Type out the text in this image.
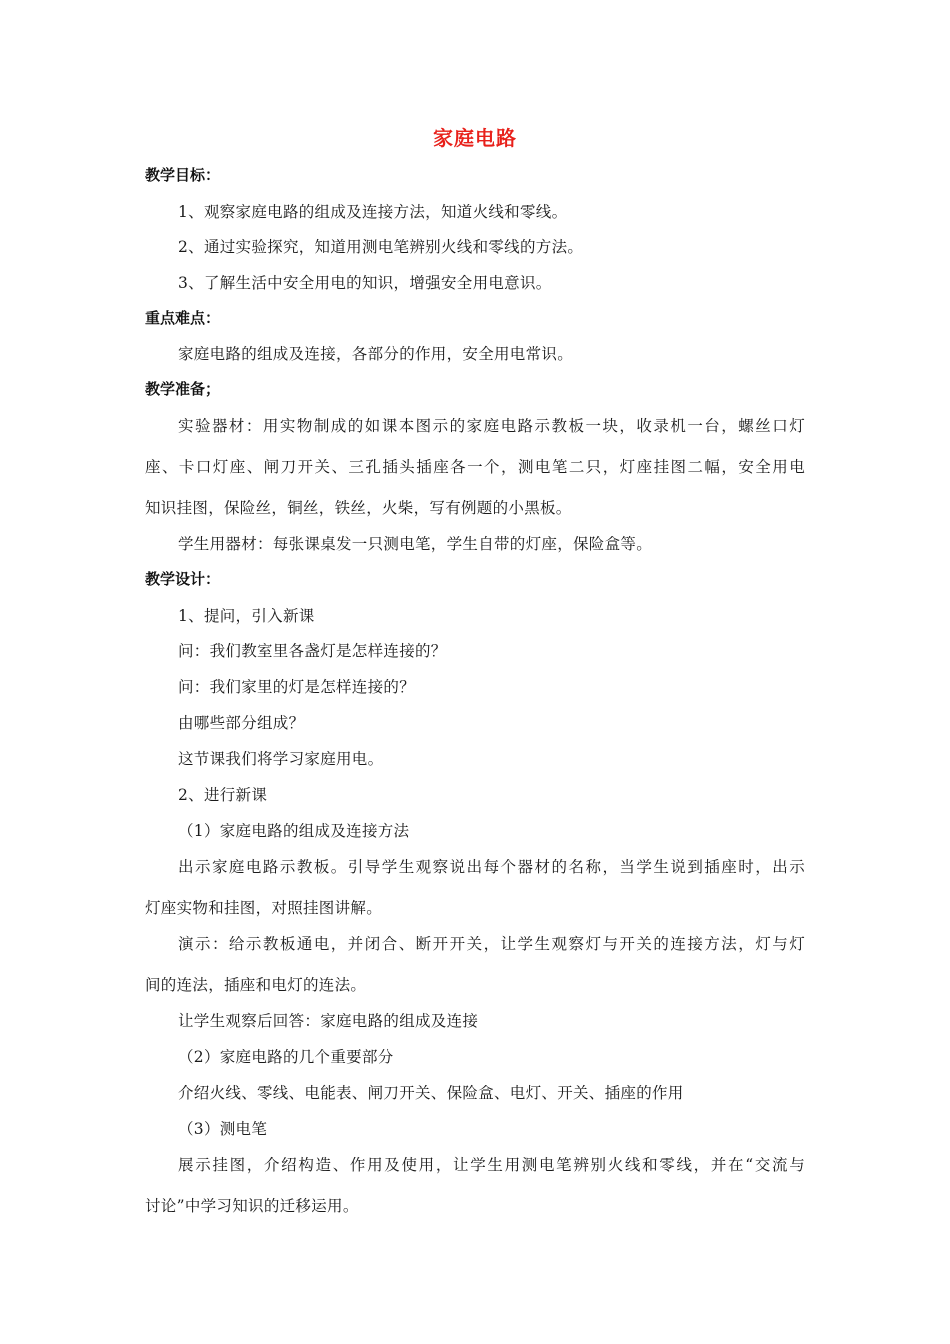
家庭电路
教学目标：
1、观察家庭电路的组成及连接方法，知道火线和零线。
2、通过实验探究，知道用测电笔辨别火线和零线的方法。
3、了解生活中安全用电的知识，增强安全用电意识。
重点难点：
家庭电路的组成及连接，各部分的作用，安全用电常识。
教学准备；
实验器材：用实物制成的如课本图示的家庭电路示教板一块，收录机一台，螺丝口灯
座、卡口灯座、闸刀开关、三孔插头插座各一个，测电笔二只，灯座挂图二幅，安全用电
知识挂图，保险丝，铜丝，铁丝，火柴，写有例题的小黑板。
学生用器材：每张课桌发一只测电笔，学生自带的灯座，保险盒等。
教学设计：
1、提问，引入新课
问：我们教室里各盏灯是怎样连接的？
问：我们家里的灯是怎样连接的？
由哪些部分组成？
这节课我们将学习家庭用电。
2、进行新课
（1）家庭电路的组成及连接方法
出示家庭电路示教板。引导学生观察说出每个器材的名称，当学生说到插座时，出示
灯座实物和挂图，对照挂图讲解。
演示：给示教板通电，并闭合、断开开关，让学生观察灯与开关的连接方法，灯与灯
间的连法，插座和电灯的连法。
让学生观察后回答：家庭电路的组成及连接
（2）家庭电路的几个重要部分
介绍火线、零线、电能表、闸刀开关、保险盒、电灯、开关、插座的作用
（3）测电笔
展示挂图，介绍构造、作用及使用，让学生用测电笔辨别火线和零线，并在“交流与
讨论”中学习知识的迁移运用。
